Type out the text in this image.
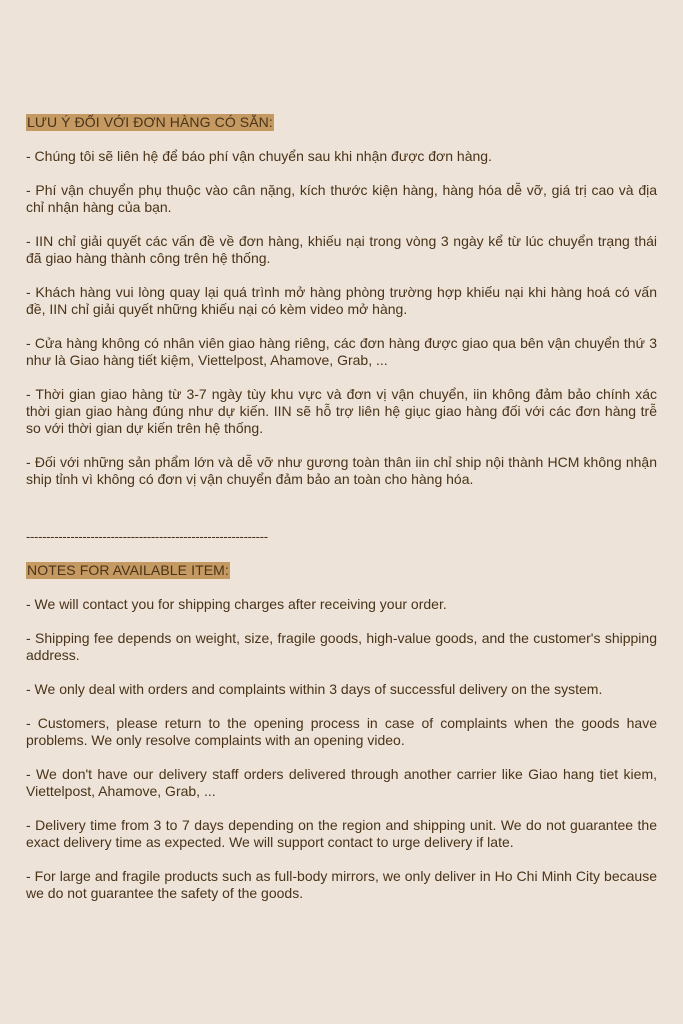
LƯU Ý ĐỐI VỚI ĐƠN HÀNG CÓ SẴN:

- Chúng tôi sẽ liên hệ để báo phí vận chuyển sau khi nhận được đơn hàng.

- Phí vận chuyển phụ thuộc vào cân nặng, kích thước kiện hàng, hàng hóa dễ vỡ, giá trị cao và địa chỉ nhận hàng của bạn.

- IIN chỉ giải quyết các vấn đề về đơn hàng, khiếu nại trong vòng 3 ngày kể từ lúc chuyển trạng thái đã giao hàng thành công trên hệ thống.

- Khách hàng vui lòng quay lại quá trình mở hàng phòng trường hợp khiếu nại khi hàng hoá có vấn đề, IIN chỉ giải quyết những khiếu nại có kèm video mở hàng.

- Cửa hàng không có nhân viên giao hàng riêng, các đơn hàng được giao qua bên vận chuyển thứ 3 như là Giao hàng tiết kiệm, Viettelpost, Ahamove, Grab, ...

- Thời gian giao hàng từ 3-7 ngày tùy khu vực và đơn vị vận chuyển, iin không đảm bảo chính xác thời gian giao hàng đúng như dự kiến. IIN sẽ hỗ trợ liên hệ giục giao hàng đối với các đơn hàng trễ so với thời gian dự kiến trên hệ thống.

- Đối với những sản phẩm lớn và dễ vỡ như gương toàn thân iin chỉ ship nội thành HCM không nhận ship tỉnh vì không có đơn vị vận chuyển đảm bảo an toàn cho hàng hóa.

------------------------------------------------------------
NOTES FOR AVAILABLE ITEM:

- We will contact you for shipping charges after receiving your order.

- Shipping fee depends on weight, size, fragile goods, high-value goods, and the customer's shipping address.

- We only deal with orders and complaints within 3 days of successful delivery on the system.

- Customers, please return to the opening process in case of complaints when the goods have problems. We only resolve complaints with an opening video.

- We don't have our delivery staff orders delivered through another carrier like Giao hang tiet kiem, Viettelpost, Ahamove, Grab, ...

- Delivery time from 3 to 7 days depending on the region and shipping unit. We do not guarantee the exact delivery time as expected. We will support contact to urge delivery if late.

- For large and fragile products such as full-body mirrors, we only deliver in Ho Chi Minh City because we do not guarantee the safety of the goods.
